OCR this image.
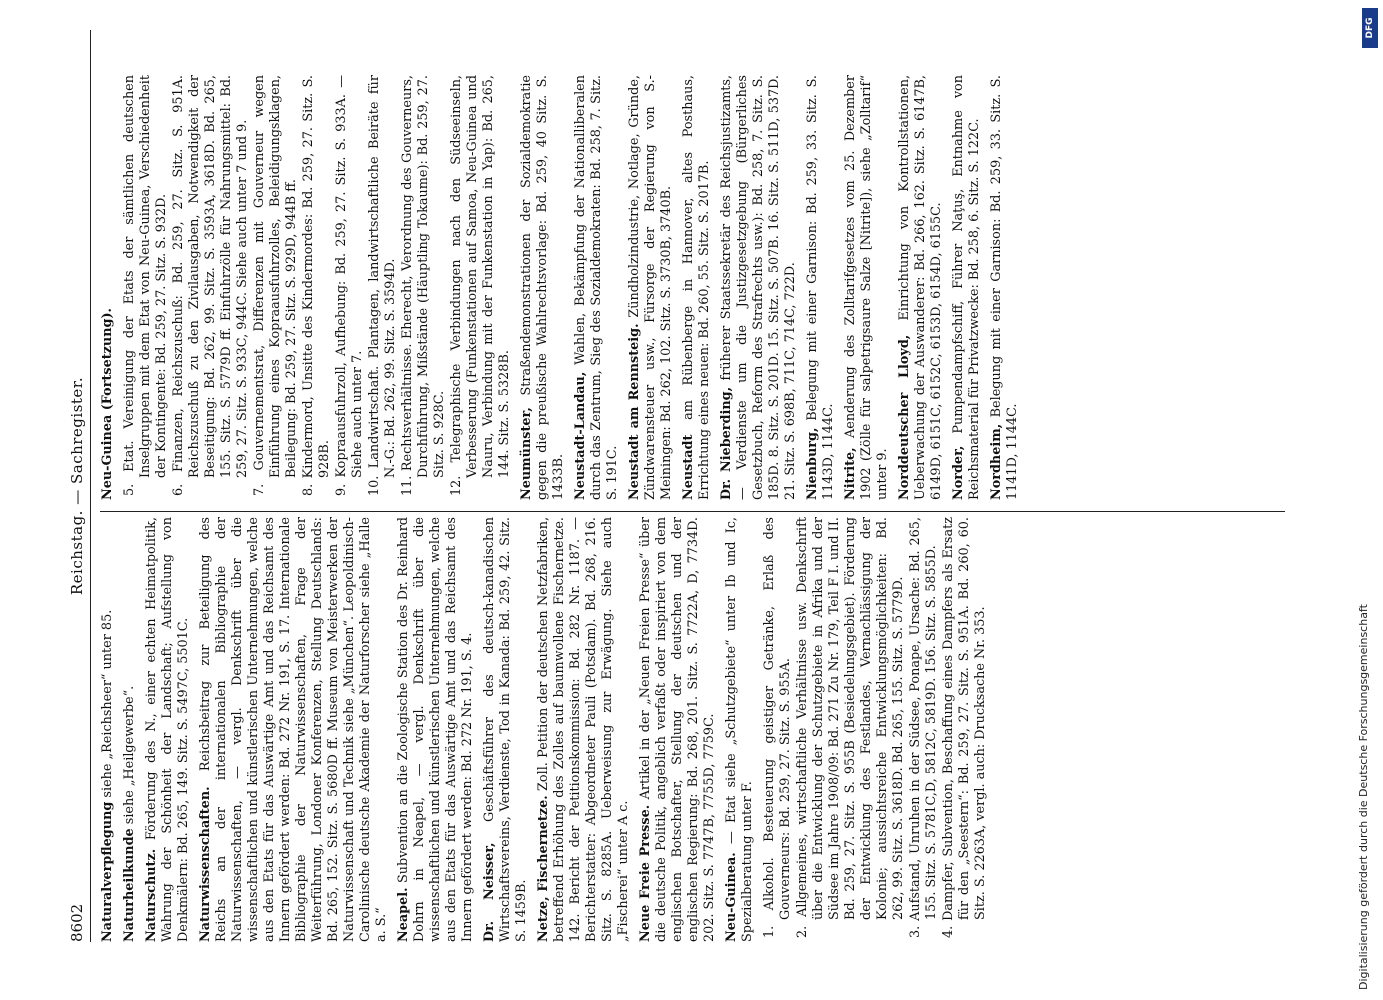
8602
Reichstag. — Sachregister.

Naturalverpflegung siehe „Reichsheer“ unter 85.

Naturheilkunde siehe „Heilgewerbe“.

Naturschutz. Förderung des N., einer echten Heimatpolitik, Wahrung der Schönheit der Landschaft; Aufstellung von Denkmälern: Bd. 265, 149. Sitz. S. 5497C, 5501C. Naturwissenschaften. Reichsbeitrag zur Beteiligung des Reichs an der internationalen Bibliographie der Naturwissenschaften, — vergl. Denkschrift über die wissenschaftlichen und künstlerischen Unternehmungen, welche aus den Etats für das Auswärtige Amt und das Reichsamt des Innern gefördert werden: Bd. 272 Nr. 191, S. 17. Internationale Bibliographie der Naturwissenschaften, Frage der Weiterführung, Londoner Konferenzen, Stellung Deutschlands: Bd. 265, 152. Sitz. S. 5680D ff. Museum von Meisterwerken der Naturwissenschaft und Technik siehe „München“. Leopoldinisch-Carolinische deutsche Akademie der Naturforscher siehe „Halle a. S.“ Neapel. Subvention an die Zoologische Station des Dr. Reinhard Dohrn in Neapel, — vergl. Denkschrift über die wissenschaftlichen und künstlerischen Unternehmungen, welche aus den Etats für das Auswärtige Amt und das Reichsamt des Innern gefördert werden: Bd. 272 Nr. 191, S. 4. Dr. Neisser, Geschäftsführer des deutsch-kanadischen Wirtschaftsvereins, Verdienste, Tod in Kanada: Bd. 259, 42. Sitz. S. 1459B. Netze, Fischernetze. Zoll. Petition der deutschen Netzfabriken, betreffend Erhöhung des Zolles auf baumwollene Fischernetze. 142. Bericht der Petitionskommission: Bd. 282 Nr. 1187. — Berichterstatter: Abgeordneter Pauli (Potsdam). Bd. 268, 216. Sitz. S. 8285A. Ueberweisung zur Erwägung. Siehe auch „Fischerei“ unter A c. Neue Freie Presse. Artikel in der „Neuen Freien Presse“ über die deutsche Politik, angeblich verfaßt oder inspiriert von dem englischen Botschafter, Stellung der deutschen und der englischen Regierung: Bd. 268, 201. Sitz. S. 7722A, D, 7734D. 202. Sitz. S. 7747B, 7755D, 7759C. Neu-Guinea. — Etat siehe „Schutzgebiete“ unter Ib und Ic, Spezialberatung unter F. 1. Alkohol. Besteuerung geistiger Getränke, Erlaß des Gouverneurs: Bd. 259, 27. Sitz. S. 955A.

2. Allgemeines, wirtschaftliche Verhältnisse usw. Denkschrift über die Entwicklung der Schutzgebiete in Afrika und der Südsee im Jahre 1908/09: Bd. 271 Zu Nr. 179, Teil F I. und II. Bd. 259, 27. Sitz. S. 955B (Besiedelungsgebiet). Förderung der Entwicklung des Festlandes, Vernachlässigung der Kolonie; aussichtsreiche Entwicklungsmöglichkeiten: Bd. 262, 99. Sitz. S. 3618D. Bd. 265, 155. Sitz. S. 5779D.

3. Aufstand, Unruhen in der Südsee, Ponape, Ursache: Bd. 265, 155. Sitz. S. 5781C,D, 5812C, 5819D. 156. Sitz. S. 5855D.

4. Dampfer, Subvention, Beschaffung eines Dampfers als Ersatz für den „Seestern“: Bd. 259, 27. Sitz. S. 951A. Bd. 260, 60. Sitz. S. 2263A, vergl. auch: Drucksache Nr. 353.

Neu-Guinea (Fortsetzung). 5. Etat. Vereinigung der Etats der sämtlichen deutschen Inselgruppen mit dem Etat von Neu-Guinea, Verschiedenheit der Kontingente: Bd. 259, 27. Sitz. S. 932D.

6. Finanzen, Reichszuschuß: Bd. 259, 27. Sitz. S. 951A. Reichszuschuß zu den Zivilausgaben, Notwendigkeit der Beseitigung: Bd. 262, 99. Sitz. S. 3593A, 3618D. Bd. 265, 155. Sitz. S. 5779D ff. Einfuhrzölle für Nahrungsmittel: Bd. 259, 27. Sitz. S. 933C, 944C. Siehe auch unter 7 und 9.

7. Gouvernementsrat, Differenzen mit Gouverneur wegen Einführung eines Kopraausfuhrzolles, Beleidigungsklagen, Beilegung: Bd. 259, 27. Sitz. S. 929D, 944B ff.

8. Kindermord, Unsitte des Kindermordes: Bd. 259, 27. Sitz. S. 928B.

9. Kopraausfuhrzoll, Aufhebung: Bd. 259, 27. Sitz. S. 933A. — Siehe auch unter 7.

10. Landwirtschaft. Plantagen, landwirtschaftliche Beiräte für N.-G.: Bd. 262, 99. Sitz. S. 3594D.

11. Rechtsverhältnisse. Eherecht, Verordnung des Gouverneurs, Durchführung, Mißstände (Häuptling Tokaume): Bd. 259, 27. Sitz. S. 928C.

12. Telegraphische Verbindungen nach den Südseeinseln, Verbesserung (Funkenstationen auf Samoa, Neu-Guinea und Nauru, Verbindung mit der Funkenstation in Yap): Bd. 265, 144. Sitz. S. 5328B. Neumünster, Straßendemonstrationen der Sozialdemokratie gegen die preußische Wahlrechtsvorlage: Bd. 259, 40 Sitz. S. 1433B. Neustadt-Landau, Wahlen, Bekämpfung der Nationalliberalen durch das Zentrum, Sieg des Sozialdemokraten: Bd. 258, 7. Sitz. S. 191C. Neustadt am Rennsteig. Zündholzindustrie, Notlage, Gründe, Zündwarensteuer usw., Fürsorge der Regierung von S.-Meiningen: Bd. 262, 102. Sitz. S. 3730B, 3740B. Neustadt am Rübenberge in Hannover, altes Posthaus, Errichtung eines neuen: Bd. 260, 55. Sitz. S. 2017B. Dr. Nieberding, früherer Staatssekretär des Reichsjustizamts, — Verdienste um die Justizgesetzgebung (Bürgerliches Gesetzbuch, Reform des Strafrechts usw.): Bd. 258, 7. Sitz. S. 185D. 8. Sitz. S. 201D. 15. Sitz. S. 507B. 16. Sitz. S. 511D, 537D. 21. Sitz. S. 698B, 711C, 714C, 722D. Nienburg, Belegung mit einer Garnison: Bd. 259, 33. Sitz. S. 1143D, 1144C. Nitrite, Aenderung des Zolltarifgesetzes vom 25. Dezember 1902 (Zölle für salpetrigsaure Salze [Nitrite]), siehe „Zolltarif“ unter 9. Norddeutscher Lloyd, Einrichtung von Kontrollstationen, Ueberwachung der Auswanderer: Bd. 266, 162. Sitz. S. 6147B, 6149D, 6151C, 6152C, 6153D, 6154D, 6155C. Norder, Pumpendampfschiff, Führer Naţuş, Entnahme von Reichsmaterial für Privatzwecke: Bd. 258, 6. Sitz. S. 122C. Nordheim, Belegung mit einer Garnison: Bd. 259, 33. Sitz. S. 1141D, 1144C.

Digitalisierung gefördert durch die Deutsche Forschungsgemeinschaft
DFG
